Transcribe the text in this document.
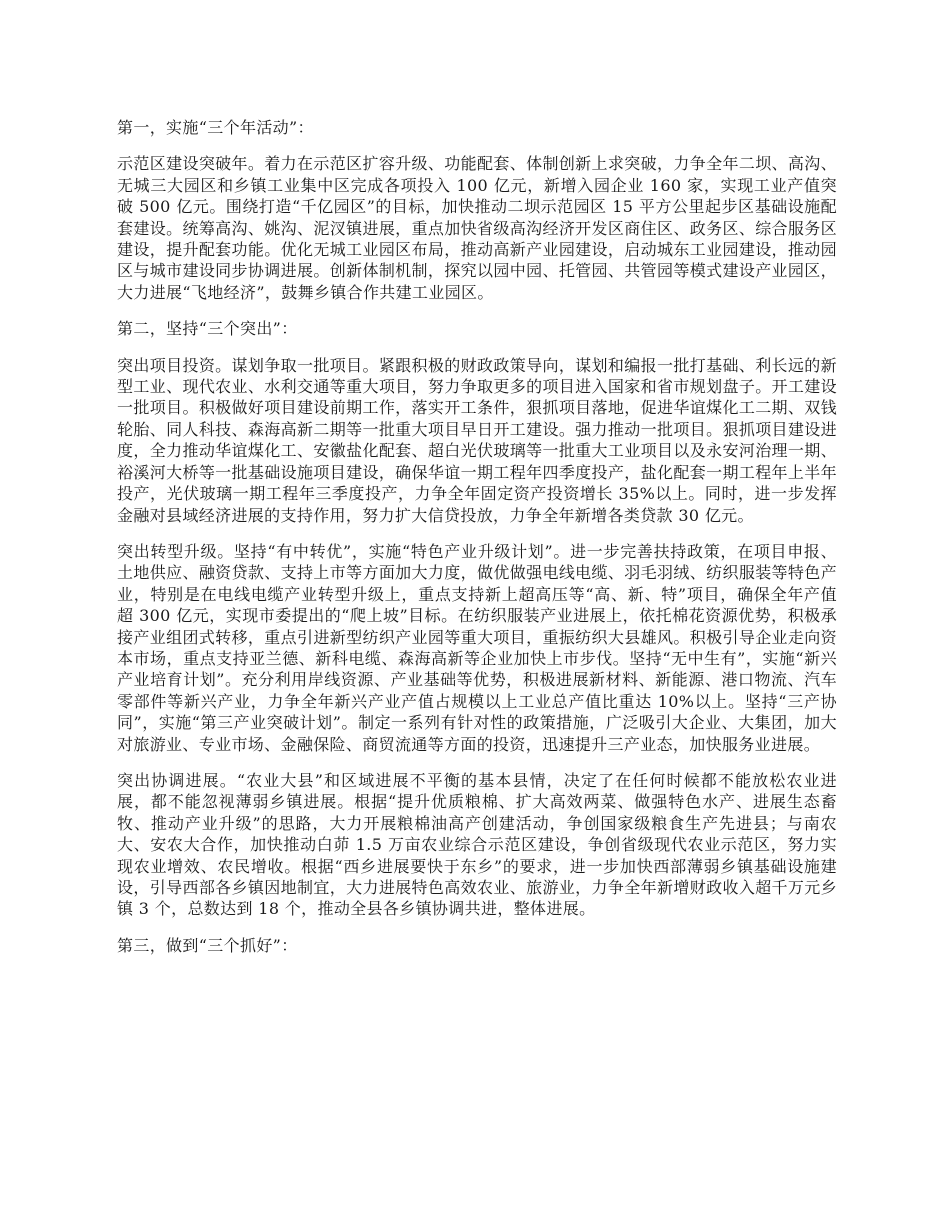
第一，实施“三个年活动”：

示范区建设突破年。着力在示范区扩容升级、功能配套、体制创新上求突破，力争全年二坝、高沟、无城三大园区和乡镇工业集中区完成各项投入 100 亿元，新增入园企业 160 家，实现工业产值突破 500 亿元。围绕打造“千亿园区”的目标，加快推动二坝示范园区 15 平方公里起步区基础设施配套建设。统筹高沟、姚沟、泥汊镇进展，重点加快省级高沟经济开发区商住区、政务区、综合服务区建设，提升配套功能。优化无城工业园区布局，推动高新产业园建设，启动城东工业园建设，推动园区与城市建设同步协调进展。创新体制机制，探究以园中园、托管园、共管园等模式建设产业园区，大力进展“飞地经济”，鼓舞乡镇合作共建工业园区。

第二，坚持“三个突出”：

突出项目投资。谋划争取一批项目。紧跟积极的财政政策导向，谋划和编报一批打基础、利长远的新型工业、现代农业、水利交通等重大项目，努力争取更多的项目进入国家和省市规划盘子。开工建设一批项目。积极做好项目建设前期工作，落实开工条件，狠抓项目落地，促进华谊煤化工二期、双钱轮胎、同人科技、森海高新二期等一批重大项目早日开工建设。强力推动一批项目。狠抓项目建设进度，全力推动华谊煤化工、安徽盐化配套、超白光伏玻璃等一批重大工业项目以及永安河治理一期、裕溪河大桥等一批基础设施项目建设，确保华谊一期工程年四季度投产，盐化配套一期工程年上半年投产，光伏玻璃一期工程年三季度投产，力争全年固定资产投资增长 35%以上。同时，进一步发挥金融对县域经济进展的支持作用，努力扩大信贷投放，力争全年新增各类贷款 30 亿元。

突出转型升级。坚持“有中转优”，实施“特色产业升级计划”。进一步完善扶持政策，在项目申报、土地供应、融资贷款、支持上市等方面加大力度，做优做强电线电缆、羽毛羽绒、纺织服装等特色产业，特别是在电线电缆产业转型升级上，重点支持新上超高压等“高、新、特”项目，确保全年产值超 300 亿元，实现市委提出的“爬上坡”目标。在纺织服装产业进展上，依托棉花资源优势，积极承接产业组团式转移，重点引进新型纺织产业园等重大项目，重振纺织大县雄风。积极引导企业走向资本市场，重点支持亚兰德、新科电缆、森海高新等企业加快上市步伐。坚持“无中生有”，实施“新兴产业培育计划”。充分利用岸线资源、产业基础等优势，积极进展新材料、新能源、港口物流、汽车零部件等新兴产业，力争全年新兴产业产值占规模以上工业总产值比重达 10%以上。坚持“三产协同”，实施“第三产业突破计划”。制定一系列有针对性的政策措施，广泛吸引大企业、大集团，加大对旅游业、专业市场、金融保险、商贸流通等方面的投资，迅速提升三产业态，加快服务业进展。

突出协调进展。“农业大县”和区域进展不平衡的基本县情，决定了在任何时候都不能放松农业进展，都不能忽视薄弱乡镇进展。根据“提升优质粮棉、扩大高效两菜、做强特色水产、进展生态畜牧、推动产业升级”的思路，大力开展粮棉油高产创建活动，争创国家级粮食生产先进县；与南农大、安农大合作，加快推动白茆 1.5 万亩农业综合示范区建设，争创省级现代农业示范区，努力实现农业增效、农民增收。根据“西乡进展要快于东乡”的要求，进一步加快西部薄弱乡镇基础设施建设，引导西部各乡镇因地制宜，大力进展特色高效农业、旅游业，力争全年新增财政收入超千万元乡镇 3 个，总数达到 18 个，推动全县各乡镇协调共进，整体进展。

第三，做到“三个抓好”：
